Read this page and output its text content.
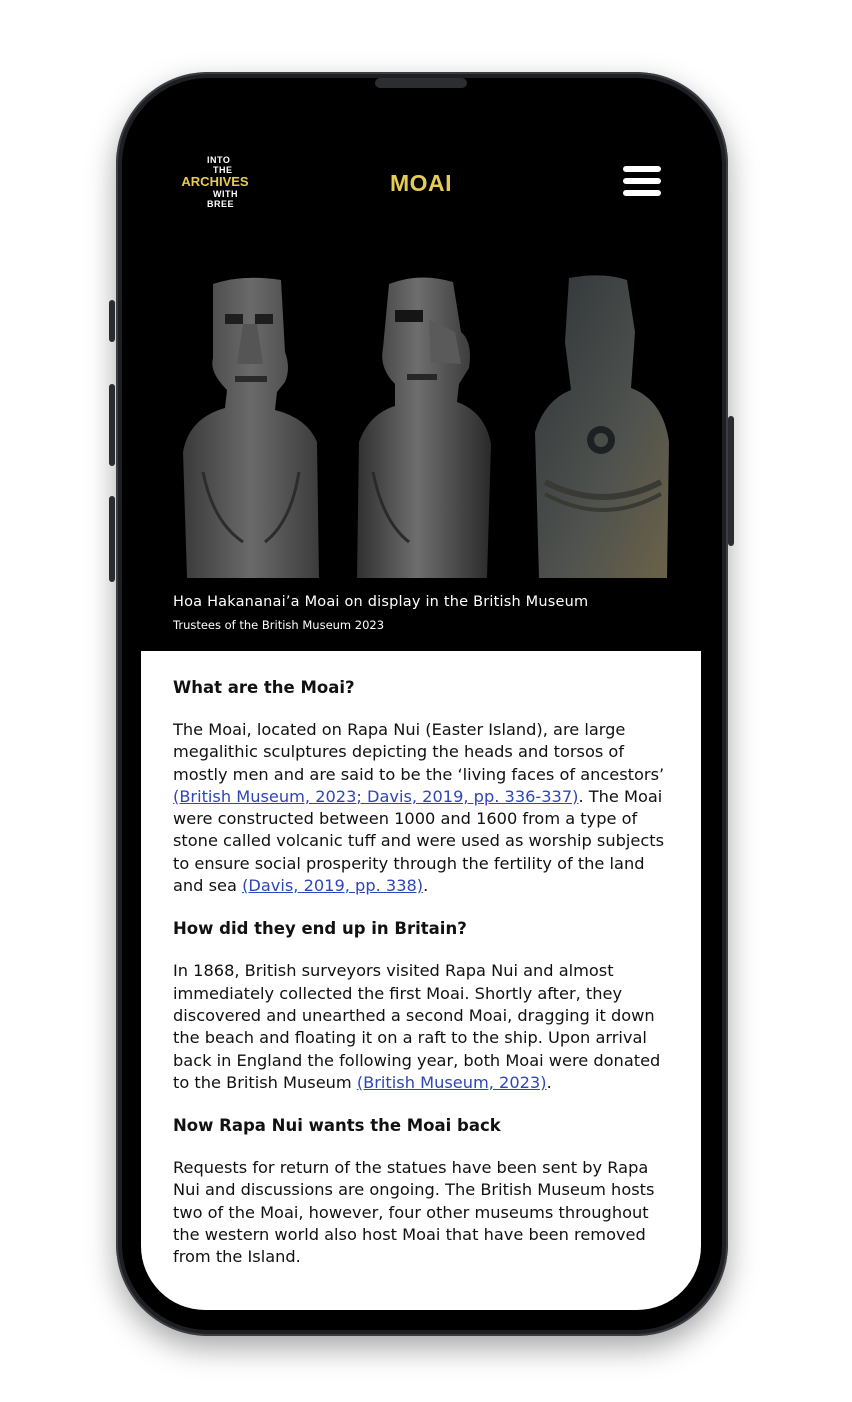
INTO
THE
ARCHIVES
WITH
BREE
MOAI
Hoa Hakananai’a Moai on display in the British Museum
Trustees of the British Museum 2023
What are the Moai?

The Moai, located on Rapa Nui (Easter Island), are large megalithic sculptures depicting the heads and torsos of mostly men and are said to be the ‘living faces of ancestors’ (British Museum, 2023; Davis, 2019, pp. 336-337). The Moai were constructed between 1000 and 1600 from a type of stone called volcanic tuff and were used as worship subjects to ensure social prosperity through the fertility of the land and sea (Davis, 2019, pp. 338).

How did they end up in Britain?

In 1868, British surveyors visited Rapa Nui and almost immediately collected the first Moai. Shortly after, they discovered and unearthed a second Moai, dragging it down the beach and floating it on a raft to the ship. Upon arrival back in England the following year, both Moai were donated to the British Museum (British Museum, 2023).

Now Rapa Nui wants the Moai back

Requests for return of the statues have been sent by Rapa Nui and discussions are ongoing. The British Museum hosts two of the Moai, however, four other museums throughout the western world also host Moai that have been removed from the Island.
